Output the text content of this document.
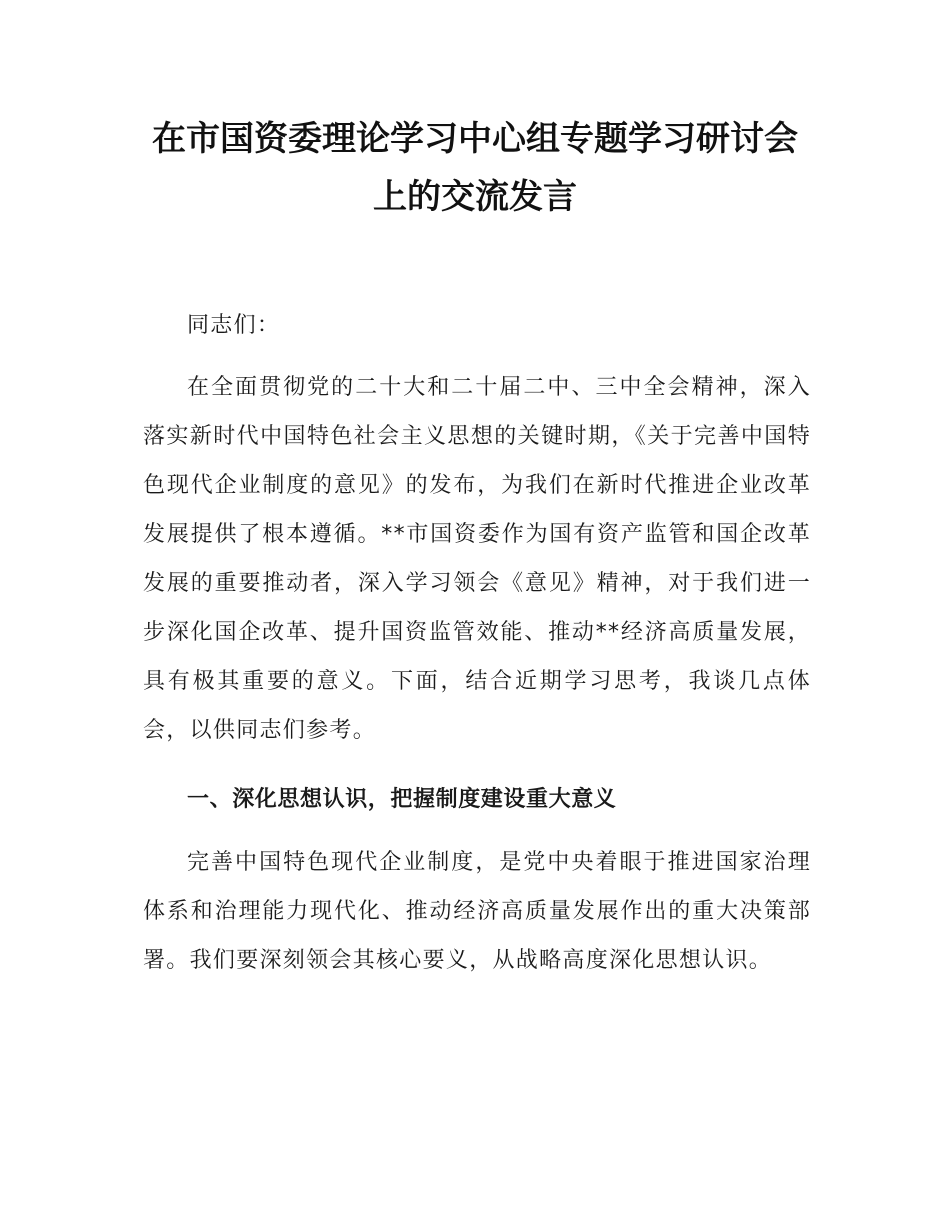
在市国资委理论学习中心组专题学习研讨会
上的交流发言

同志们：

在全面贯彻党的二十大和二十届二中、三中全会精神，深入落实新时代中国特色社会主义思想的关键时期，《关于完善中国特色现代企业制度的意见》的发布，为我们在新时代推进企业改革发展提供了根本遵循。**市国资委作为国有资产监管和国企改革发展的重要推动者，深入学习领会《意见》精神，对于我们进一步深化国企改革、提升国资监管效能、推动**经济高质量发展，具有极其重要的意义。下面，结合近期学习思考，我谈几点体会，以供同志们参考。

一、深化思想认识，把握制度建设重大意义

完善中国特色现代企业制度，是党中央着眼于推进国家治理体系和治理能力现代化、推动经济高质量发展作出的重大决策部署。我们要深刻领会其核心要义，从战略高度深化思想认识。
